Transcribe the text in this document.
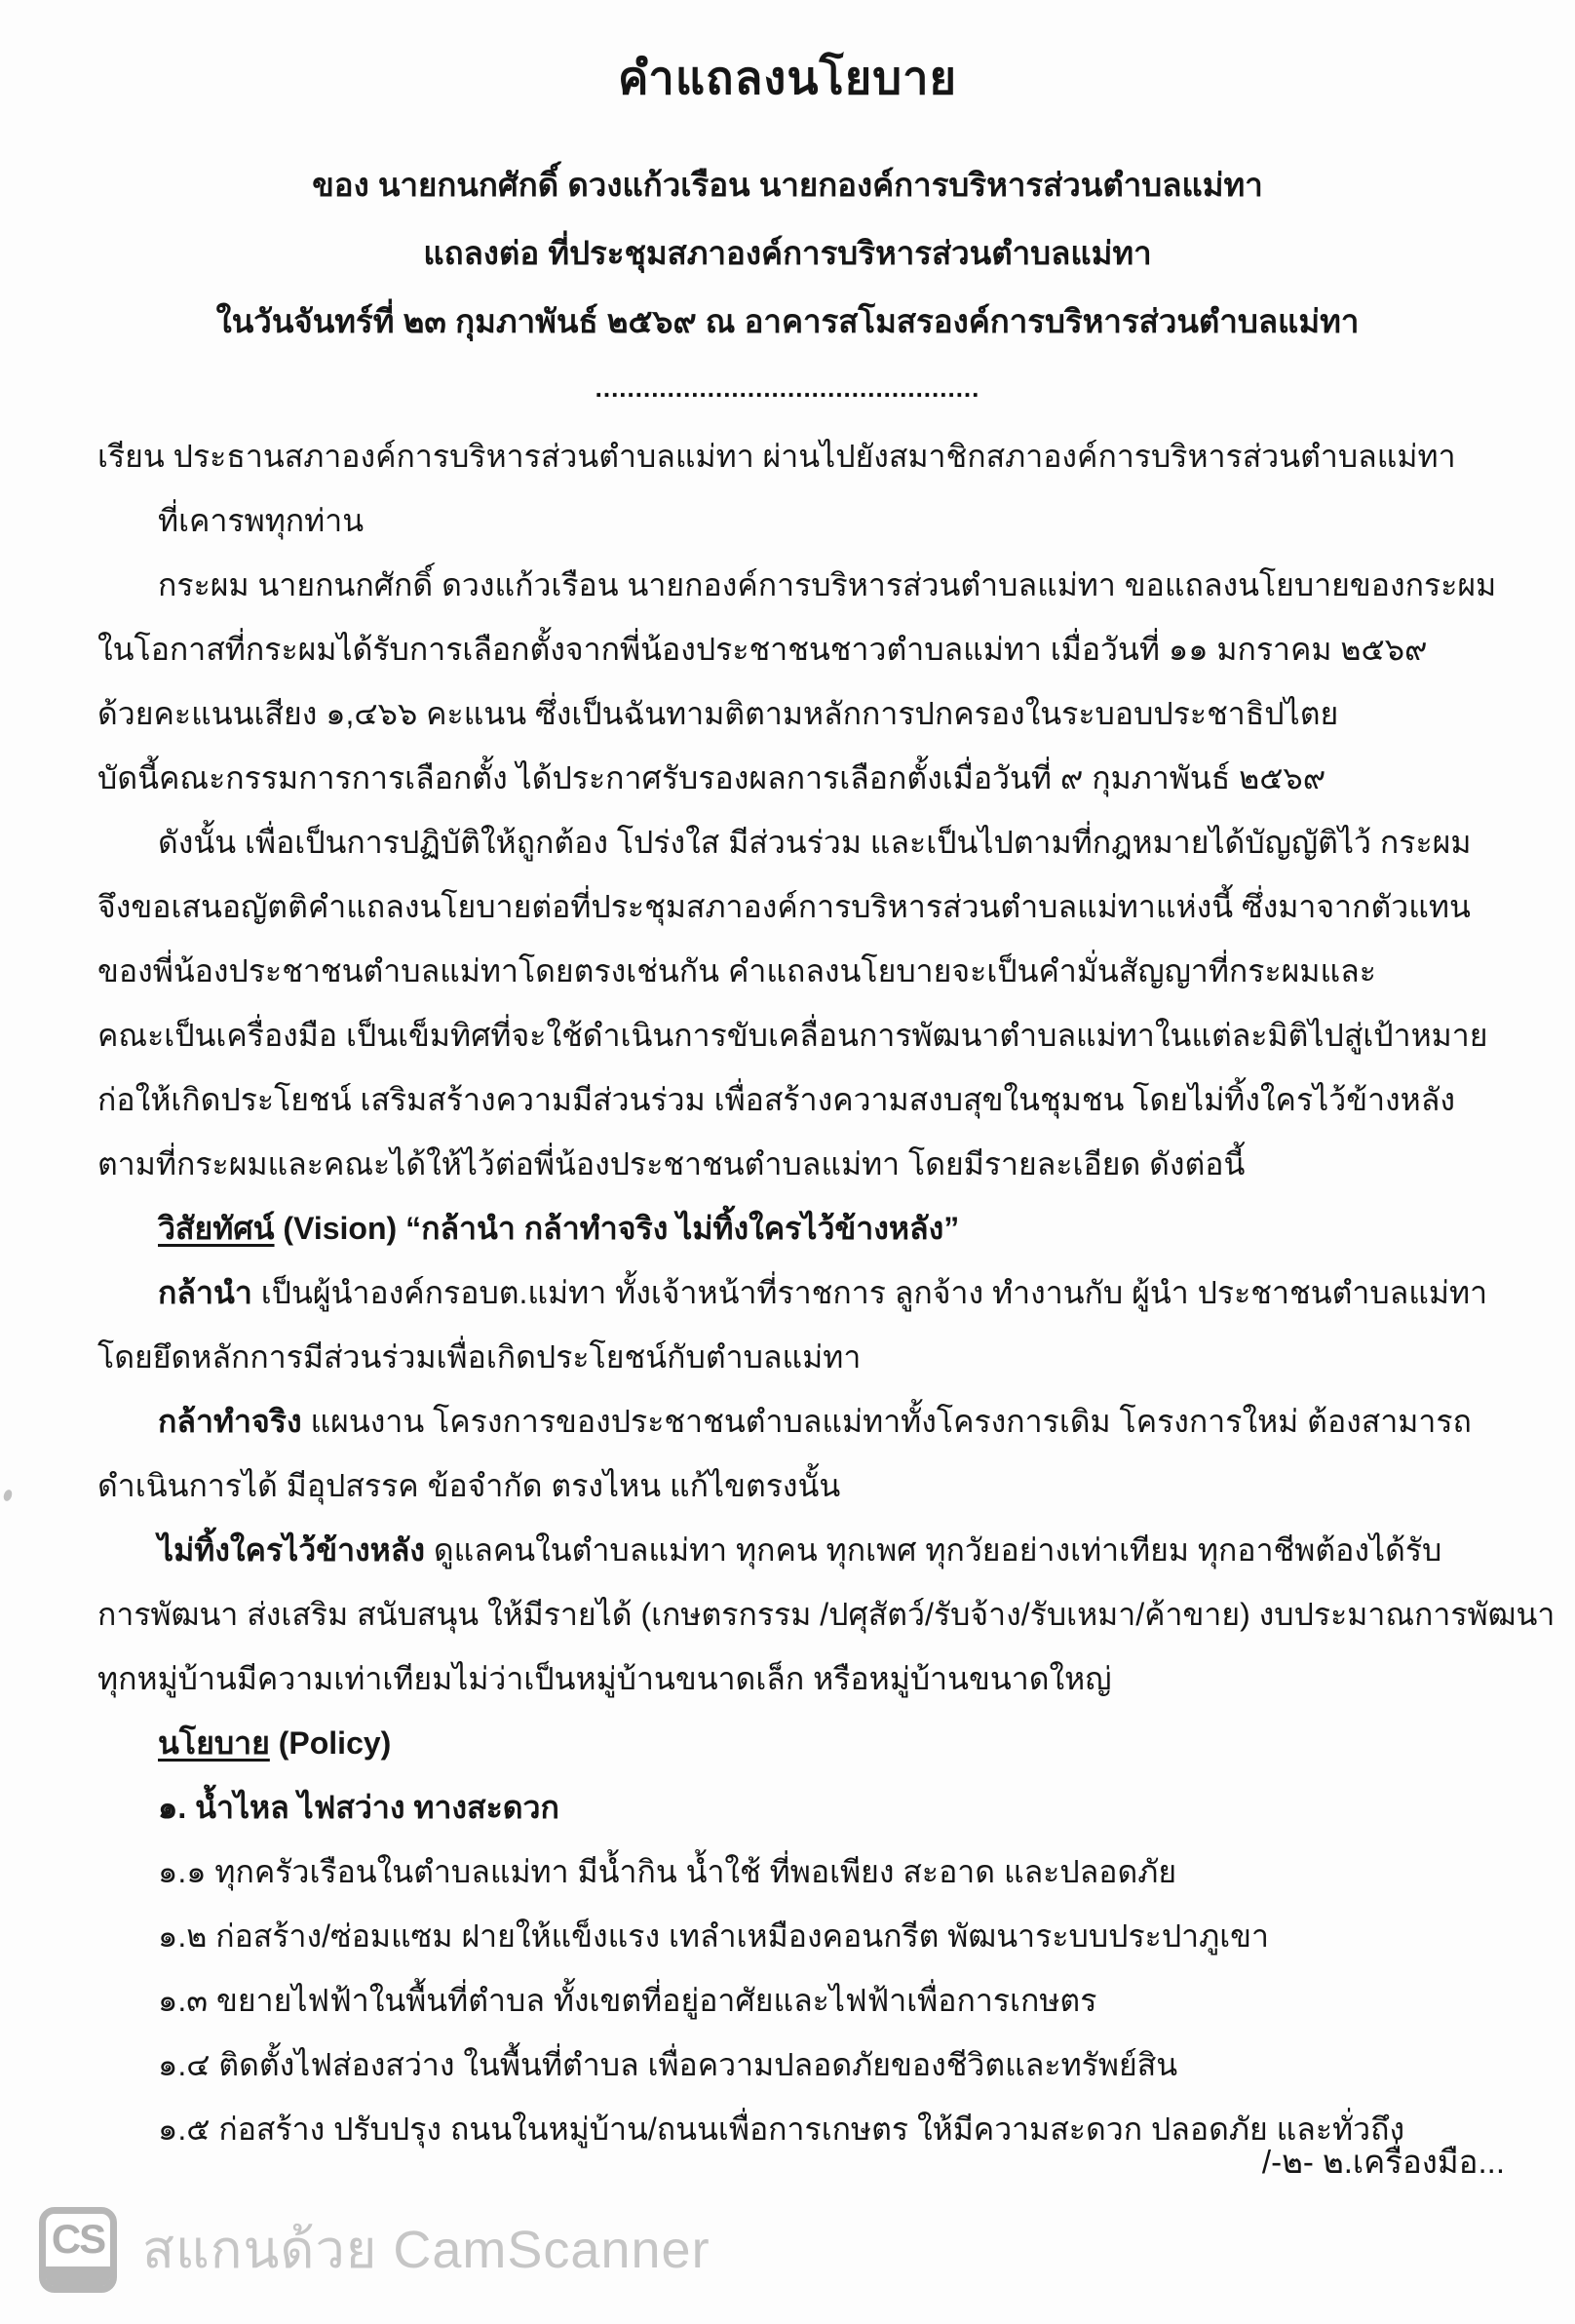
คำแถลงนโยบาย
ของ นายกนกศักดิ์ ดวงแก้วเรือน นายกองค์การบริหารส่วนตำบลแม่ทา
แถลงต่อ ที่ประชุมสภาองค์การบริหารส่วนตำบลแม่ทา
ในวันจันทร์ที่ ๒๓ กุมภาพันธ์ ๒๕๖๙ ณ อาคารสโมสรองค์การบริหารส่วนตำบลแม่ทา
................................................
เรียน ประธานสภาองค์การบริหารส่วนตำบลแม่ทา ผ่านไปยังสมาชิกสภาองค์การบริหารส่วนตำบลแม่ทา
ที่เคารพทุกท่าน
กระผม นายกนกศักดิ์ ดวงแก้วเรือน นายกองค์การบริหารส่วนตำบลแม่ทา ขอแถลงนโยบายของกระผม
ในโอกาสที่กระผมได้รับการเลือกตั้งจากพี่น้องประชาชนชาวตำบลแม่ทา เมื่อวันที่ ๑๑ มกราคม ๒๕๖๙
ด้วยคะแนนเสียง ๑,๔๖๖ คะแนน ซึ่งเป็นฉันทามติตามหลักการปกครองในระบอบประชาธิปไตย
บัดนี้คณะกรรมการการเลือกตั้ง ได้ประกาศรับรองผลการเลือกตั้งเมื่อวันที่ ๙ กุมภาพันธ์ ๒๕๖๙
ดังนั้น เพื่อเป็นการปฏิบัติให้ถูกต้อง โปร่งใส มีส่วนร่วม และเป็นไปตามที่กฎหมายได้บัญญัติไว้ กระผม
จึงขอเสนอญัตติคำแถลงนโยบายต่อที่ประชุมสภาองค์การบริหารส่วนตำบลแม่ทาแห่งนี้ ซึ่งมาจากตัวแทน
ของพี่น้องประชาชนตำบลแม่ทาโดยตรงเช่นกัน คำแถลงนโยบายจะเป็นคำมั่นสัญญาที่กระผมและ
คณะเป็นเครื่องมือ เป็นเข็มทิศที่จะใช้ดำเนินการขับเคลื่อนการพัฒนาตำบลแม่ทาในแต่ละมิติไปสู่เป้าหมาย
ก่อให้เกิดประโยชน์ เสริมสร้างความมีส่วนร่วม เพื่อสร้างความสงบสุขในชุมชน โดยไม่ทิ้งใครไว้ข้างหลัง
ตามที่กระผมและคณะได้ให้ไว้ต่อพี่น้องประชาชนตำบลแม่ทา โดยมีรายละเอียด ดังต่อนี้
วิสัยทัศน์ (Vision) “กล้านำ กล้าทำจริง ไม่ทิ้งใครไว้ข้างหลัง”
กล้านำ เป็นผู้นำองค์กรอบต.แม่ทา ทั้งเจ้าหน้าที่ราชการ ลูกจ้าง ทำงานกับ ผู้นำ ประชาชนตำบลแม่ทา
โดยยึดหลักการมีส่วนร่วมเพื่อเกิดประโยชน์กับตำบลแม่ทา
กล้าทำจริง แผนงาน โครงการของประชาชนตำบลแม่ทาทั้งโครงการเดิม โครงการใหม่ ต้องสามารถ
ดำเนินการได้ มีอุปสรรค ข้อจำกัด ตรงไหน แก้ไขตรงนั้น
ไม่ทิ้งใครไว้ข้างหลัง ดูแลคนในตำบลแม่ทา ทุกคน ทุกเพศ ทุกวัยอย่างเท่าเทียม ทุกอาชีพต้องได้รับ
การพัฒนา ส่งเสริม สนับสนุน ให้มีรายได้ (เกษตรกรรม /ปศุสัตว์/รับจ้าง/รับเหมา/ค้าขาย) งบประมาณการพัฒนา
ทุกหมู่บ้านมีความเท่าเทียมไม่ว่าเป็นหมู่บ้านขนาดเล็ก หรือหมู่บ้านขนาดใหญ่
นโยบาย (Policy)
๑. น้ำไหล ไฟสว่าง ทางสะดวก
๑.๑ ทุกครัวเรือนในตำบลแม่ทา มีน้ำกิน น้ำใช้ ที่พอเพียง สะอาด และปลอดภัย
๑.๒ ก่อสร้าง/ซ่อมแซม ฝายให้แข็งแรง เทลำเหมืองคอนกรีต พัฒนาระบบประปาภูเขา
๑.๓ ขยายไฟฟ้าในพื้นที่ตำบล ทั้งเขตที่อยู่อาศัยและไฟฟ้าเพื่อการเกษตร
๑.๔ ติดตั้งไฟส่องสว่าง ในพื้นที่ตำบล เพื่อความปลอดภัยของชีวิตและทรัพย์สิน
๑.๕ ก่อสร้าง ปรับปรุง ถนนในหมู่บ้าน/ถนนเพื่อการเกษตร ให้มีความสะดวก ปลอดภัย และทั่วถึง
/-๒- ๒.เครื่องมือ...
CS สแกนด้วย CamScanner
